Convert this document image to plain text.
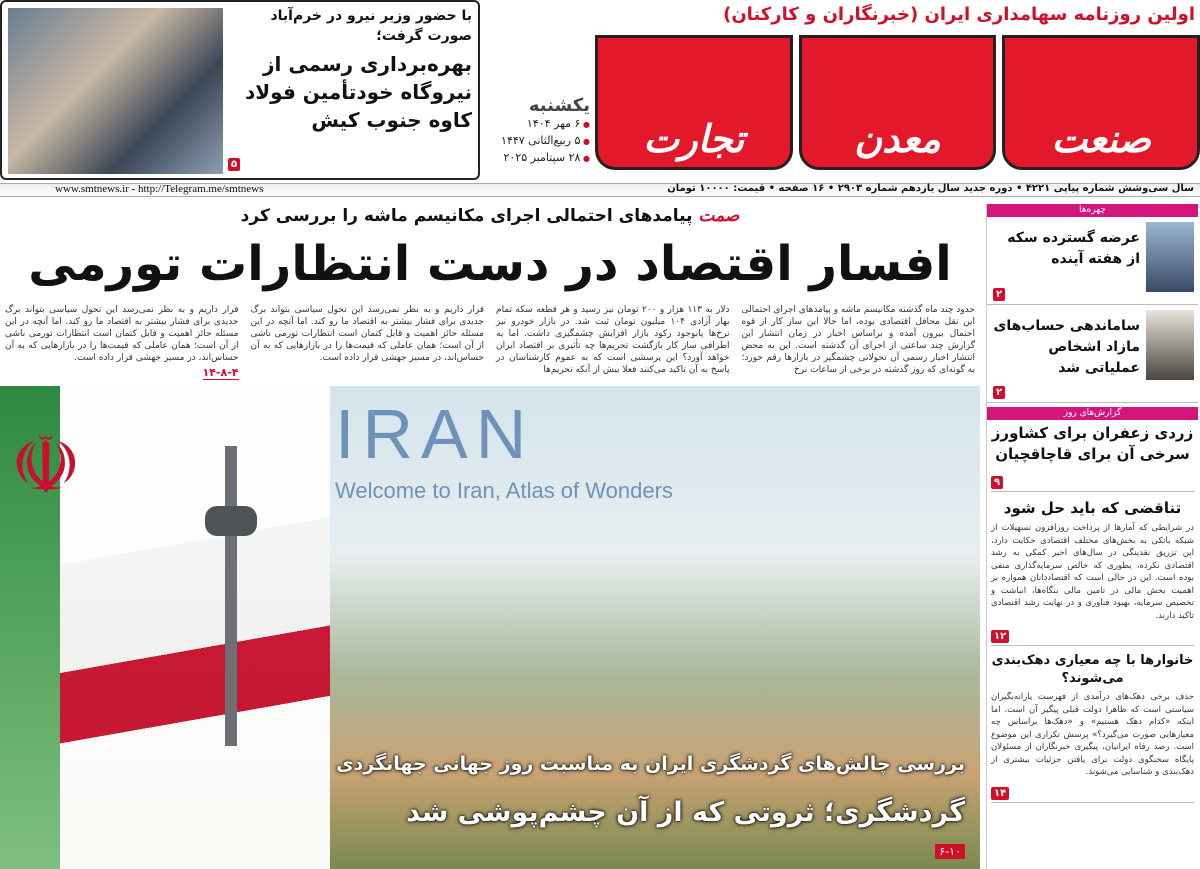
با حضور وزیر نیرو در خرم‌آباد صورت گرفت؛
بهره‌برداری رسمی از نیروگاه خودتأمین فولاد کاوه جنوب کیش
۵
یکشنبه
● ۶ مهر ۱۴۰۴
● ۵ ربیع‌الثانی ۱۴۴۷
● ۲۸ سپتامبر ۲۰۲۵
اولین روزنامه سهامداری ایران (خبرنگاران و کارکنان)
صنعت
معدن
تجارت
سال سی‌وشش شماره پیاپی ۴۲۲۱ • دوره جدید سال یازدهم شماره ۲۹۰۳ • ۱۶ صفحه • قیمت: ۱۰۰۰۰ تومان
www.smtnews.ir - http://Telegram.me/smtnews
صمت پیامدهای احتمالی اجرای مکانیسم ماشه را بررسی کرد
افسار اقتصاد در دست انتظارات تورمی
حدود چند ماه گذشته مکانیسم ماشه و پیامدهای اجرای احتمالی این نقل محافل اقتصادی بوده، اما حالا این ساز کار از قوه احتمال بیرون آمده و براساس اخبار در زمان انتشار این گزارش چند ساعتی از اجرای آن گذشته است. این به محض انتشار اخبار رسمی آن تحولاتی چشمگیر در بازارها رقم خورد؛ به گونه‌ای که روز گذشته در برخی از ساعات نرخ
دلار به ۱۱۳ هزار و ۲۰۰ تومان نیز رسید و هر قطعه سکه تمام بهار آزادی ۱۰۴ میلیون تومان ثبت شد. در بازار خودرو نیز نرخ‌ها پابوجود رکود بازار افزایش چشمگیری داشت. اما به اطرافی ساز کار بازگشت تحریم‌ها چه تأثیری بر اقتصاد ایران خواهد آورد؟ این پرسشی است که به عموم کارشناسان در پاسخ به آن تاکید می‌کنند فعلا بیش از آنکه تحریم‌ها
قرار داریم و به نظر نمی‌رسد این تحول سیاسی بتواند برگ جدیدی برای فشار بیشتر به اقتصاد ما رو کند. اما آنچه در این مسئله حائز اهمیت و قابل کتمان است انتظارات تورمی ناشی از آن است؛ همان عاملی که قیمت‌ها را در بازارهایی که به آن حساس‌اند، در مسیر جهشی قرار داده است.
قرار داریم و به نظر نمی‌رسد این تحول سیاسی بتواند برگ جدیدی برای فشار بیشتر به اقتصاد ما رو کند. اما آنچه در این مسئله حائز اهمیت و قابل کتمان است انتظارات تورمی ناشی از آن است؛ همان عاملی که قیمت‌ها را در بازارهایی که به آن حساس‌اند، در مسیر جهشی قرار داده است.
۱۴-۸-۴
☫	IRAN
Welcome to Iran, Atlas of Wonders
بررسی چالش‌های گردشگری ایران به مناسبت روز جهانی جهانگردی
گردشگری؛ ثروتی که از آن چشم‌پوشی شد
۶-۱۰
چهره‌ها
عرضه گسترده سکه از هفته آینده
۲
ساماندهی حساب‌های مازاد اشخاص عملیاتی شد
۲
گزارش‌های روز
زردی زعفران برای کشاورز سرخی آن برای قاچاقچیان
۹
تناقضی که باید حل شود
در شرایطی که آمارها از پرداخت روزافزون تسهیلات از شبکه بانکی به بخش‌های مختلف اقتصادی حکایت دارد، این تزریق نقدینگی در سال‌های اخیر کمکی به رشد اقتصادی نکرده، بطوری که خالص سرمایه‌گذاری منفی بوده است. این در حالی است که اقتصاددانان همواره بر اهمیت بخش مالی در تامین مالی بنگاه‌ها، انباشت و تخصیص سرمایه، بهبود فناوری و در نهایت رشد اقتصادی تاکید دارند.
۱۲
خانوارها با چه معیاری دهک‌بندی می‌شوند؟
حذف برخی دهک‌های درآمدی از فهرست یارانه‌بگیران سیاستی است که ظاهرا دولت قبلی پیگیر آن است. اما اینکه «کدام دهک هستیم» و «دهک‌ها براساس چه معیارهایی صورت می‌گیرد؟» پرسش تکراری این موضوع است. رصد رفاه ایرانیان، پیگیری خبرنگاران از مسئولان پایگاه سخنگوی دولت برای یافتن جزئیات بیشتری از دهک‌بندی و شناسایی می‌شوند.
۱۴
